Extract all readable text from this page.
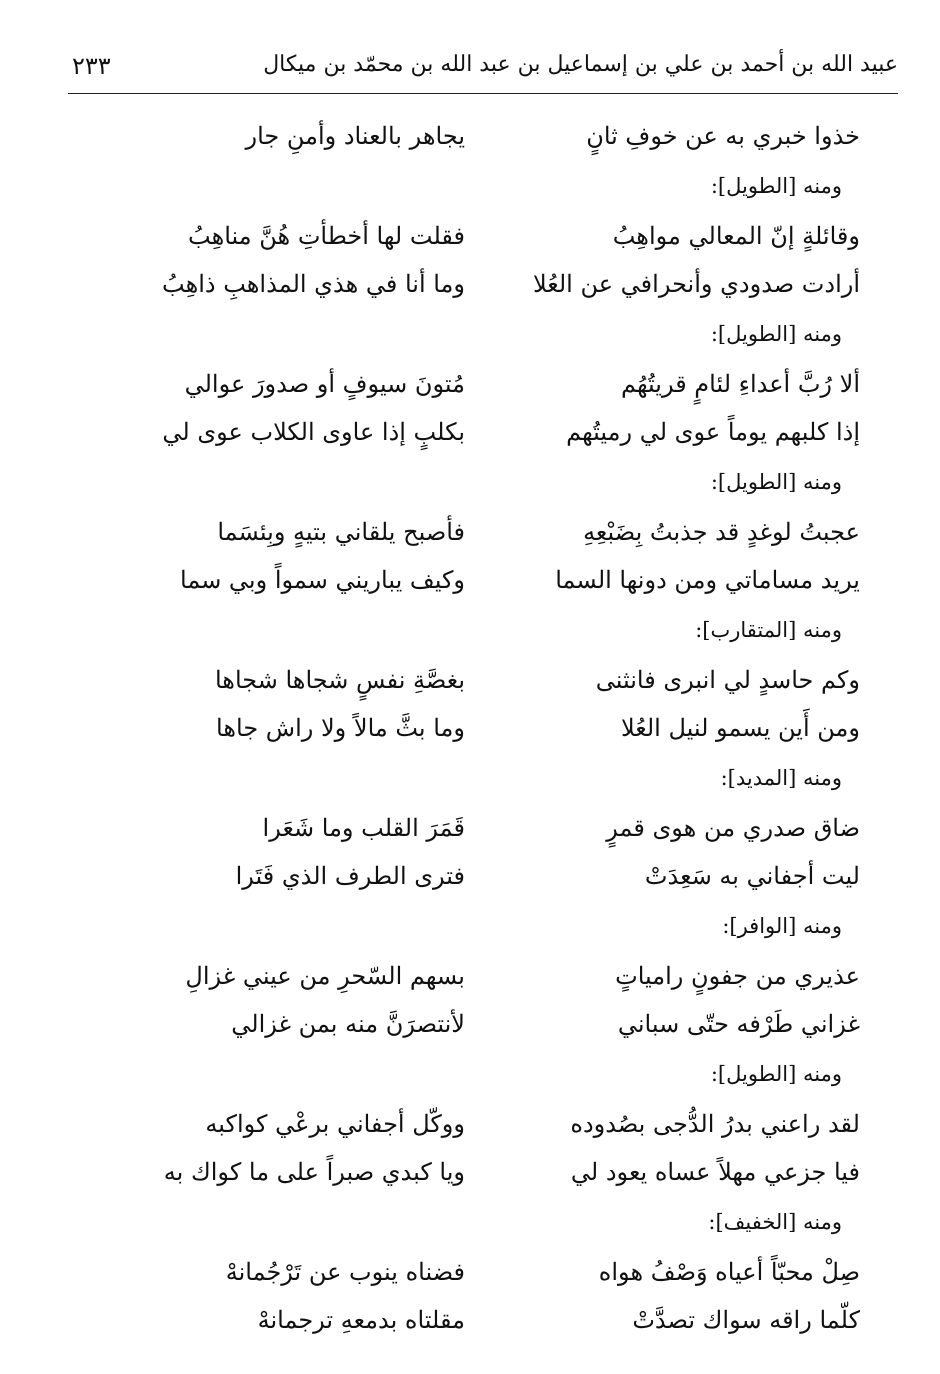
عبيد الله بن أحمد بن علي بن إسماعيل بن عبد الله بن محمّد بن ميكال
٢٣٣
خذوا خبري به عن خوفِ ثانٍ
يجاهر بالعناد وأمنِ جار
ومنه [الطويل]:
وقائلةٍ إنّ المعالي مواهِبُ
فقلت لها أخطأتِ هُنَّ مناهِبُ
أرادت صدودي وأنحرافي عن العُلا
وما أنا في هذي المذاهبِ ذاهِبُ
ومنه [الطويل]:
ألا رُبَّ أعداءِ لئامٍ قريتُهُم
مُتونَ سيوفٍ أو صدورَ عوالي
إذا كلبهم يوماً عوى لي رميتُهم
بكلبٍ إذا عاوى الكلاب عوى لي
ومنه [الطويل]:
عجبتُ لوغدٍ قد جذبتُ بِضَبْعِهِ
فأصبح يلقاني بتيهٍ وبِئسَما
يريد مساماتي ومن دونها السما
وكيف يباريني سمواً وبي سما
ومنه [المتقارب]:
وكم حاسدٍ لي انبرى فانثنى
بغصَّةِ نفسٍ شجاها شجاها
ومن أَين يسمو لنيل العُلا
وما بثَّ مالاً ولا راش جاها
ومنه [المديد]:
ضاق صدري من هوى قمرٍ
قَمَرَ القلب وما شَعَرا
ليت أجفاني به سَعِدَتْ
فترى الطرف الذي فَتَرا
ومنه [الوافر]:
عذيري من جفونٍ رامياتٍ
بسهم السّحرِ من عيني غزالِ
غزاني طَرْفه حتّى سباني
لأنتصرَنَّ منه بمن غزالي
ومنه [الطويل]:
لقد راعني بدرُ الدُّجى بصُدوده
ووكّل أجفاني برعْي كواكبه
فيا جزعي مهلاً عساه يعود لي
ويا كبدي صبراً على ما كواك به
ومنه [الخفيف]:
صِلْ محبّاً أعياه وَصْفُ هواه
فضناه ينوب عن تَرْجُمانهْ
كلّما راقه سواك تصدَّتْ
مقلتاه بدمعهِ ترجمانهْ
